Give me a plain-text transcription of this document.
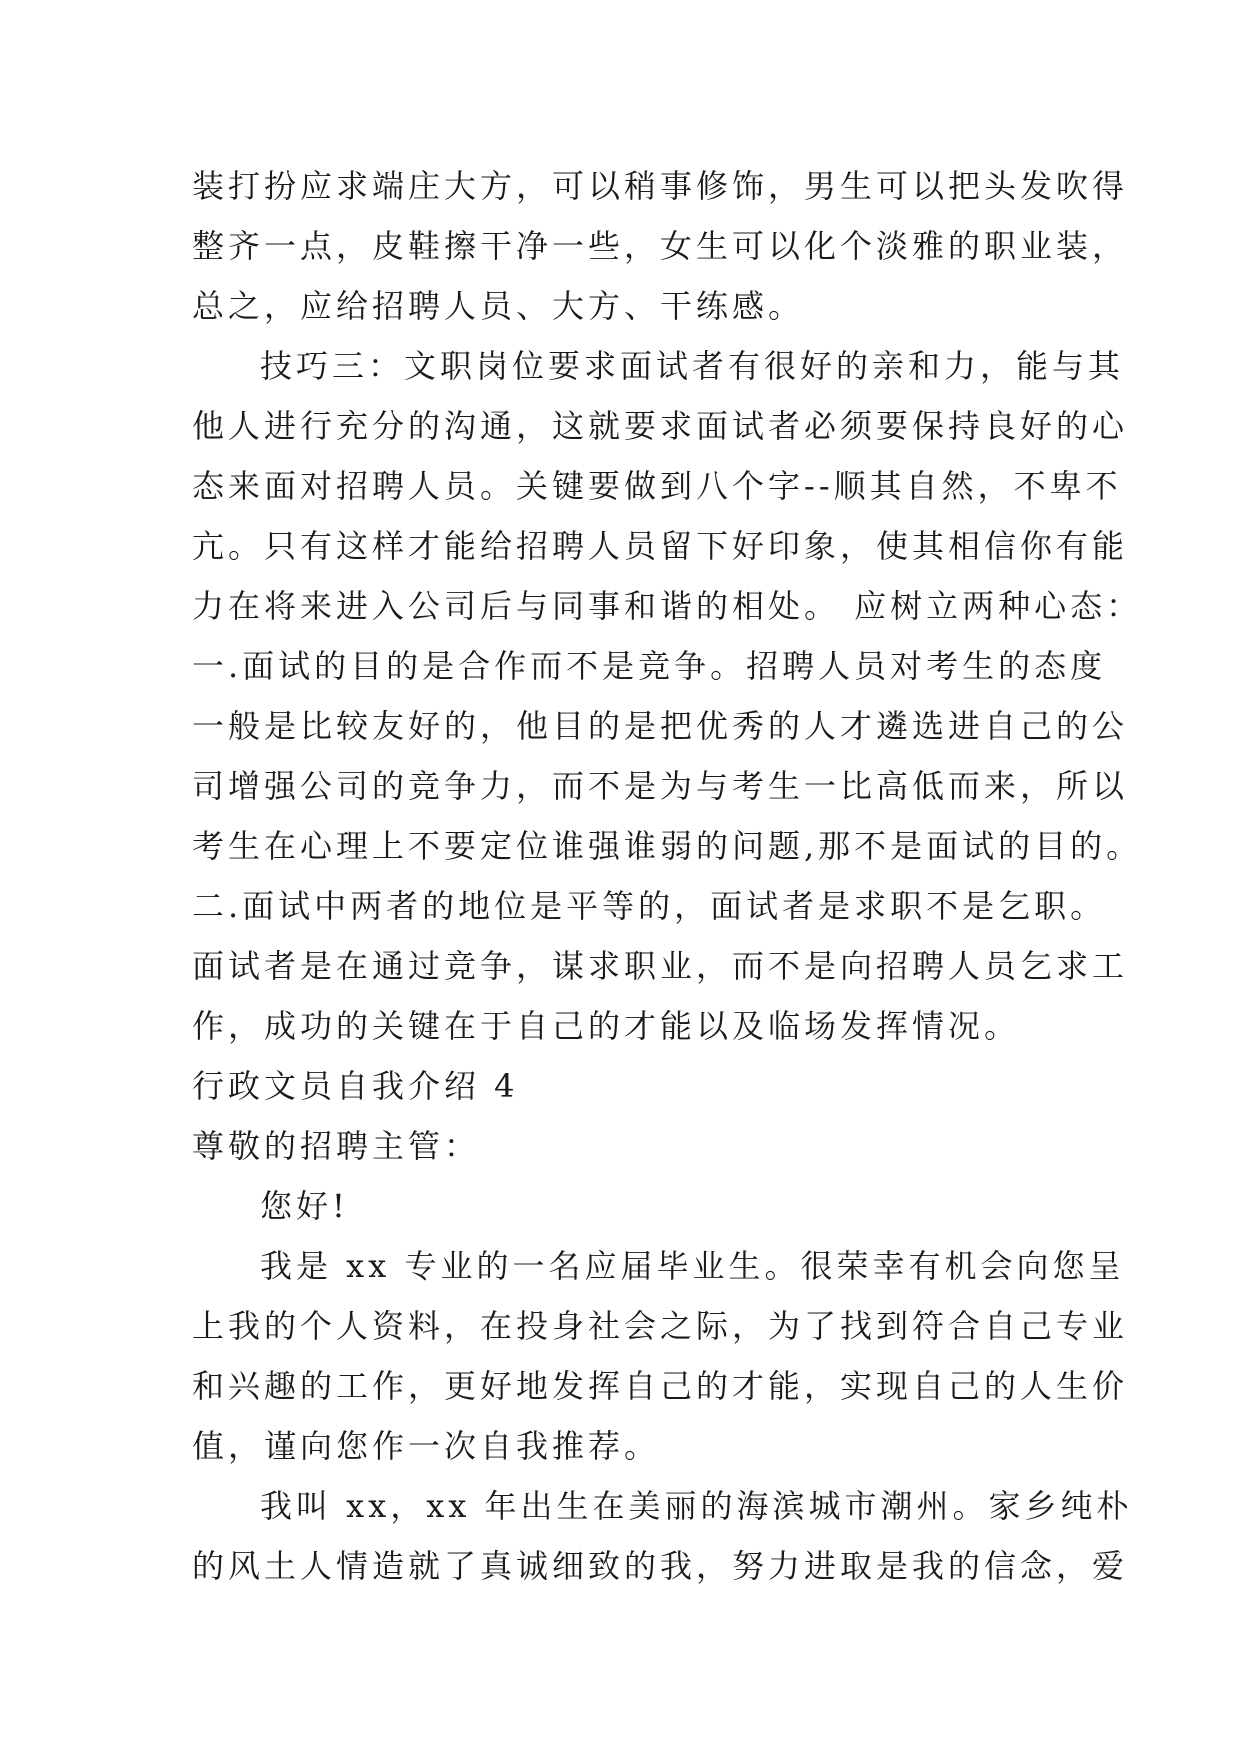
装打扮应求端庄大方，可以稍事修饰，男生可以把头发吹得
整齐一点，皮鞋擦干净一些，女生可以化个淡雅的职业装，
总之，应给招聘人员、大方、干练感。
技巧三：文职岗位要求面试者有很好的亲和力，能与其
他人进行充分的沟通，这就要求面试者必须要保持良好的心
态来面对招聘人员。关键要做到八个字--顺其自然，不卑不
亢。只有这样才能给招聘人员留下好印象，使其相信你有能
力在将来进入公司后与同事和谐的相处。 应树立两种心态：
一.面试的目的是合作而不是竞争。招聘人员对考生的态度
一般是比较友好的，他目的是把优秀的人才遴选进自己的公
司增强公司的竞争力，而不是为与考生一比高低而来，所以
考生在心理上不要定位谁强谁弱的问题,那不是面试的目的。
二.面试中两者的地位是平等的，面试者是求职不是乞职。
面试者是在通过竞争，谋求职业，而不是向招聘人员乞求工
作，成功的关键在于自己的才能以及临场发挥情况。
行政文员自我介绍 4
尊敬的招聘主管：
您好!
我是 xx 专业的一名应届毕业生。很荣幸有机会向您呈
上我的个人资料，在投身社会之际，为了找到符合自己专业
和兴趣的工作，更好地发挥自己的才能，实现自己的人生价
值，谨向您作一次自我推荐。
我叫 xx，xx 年出生在美丽的海滨城市潮州。家乡纯朴
的风土人情造就了真诚细致的我，努力进取是我的信念，爱
